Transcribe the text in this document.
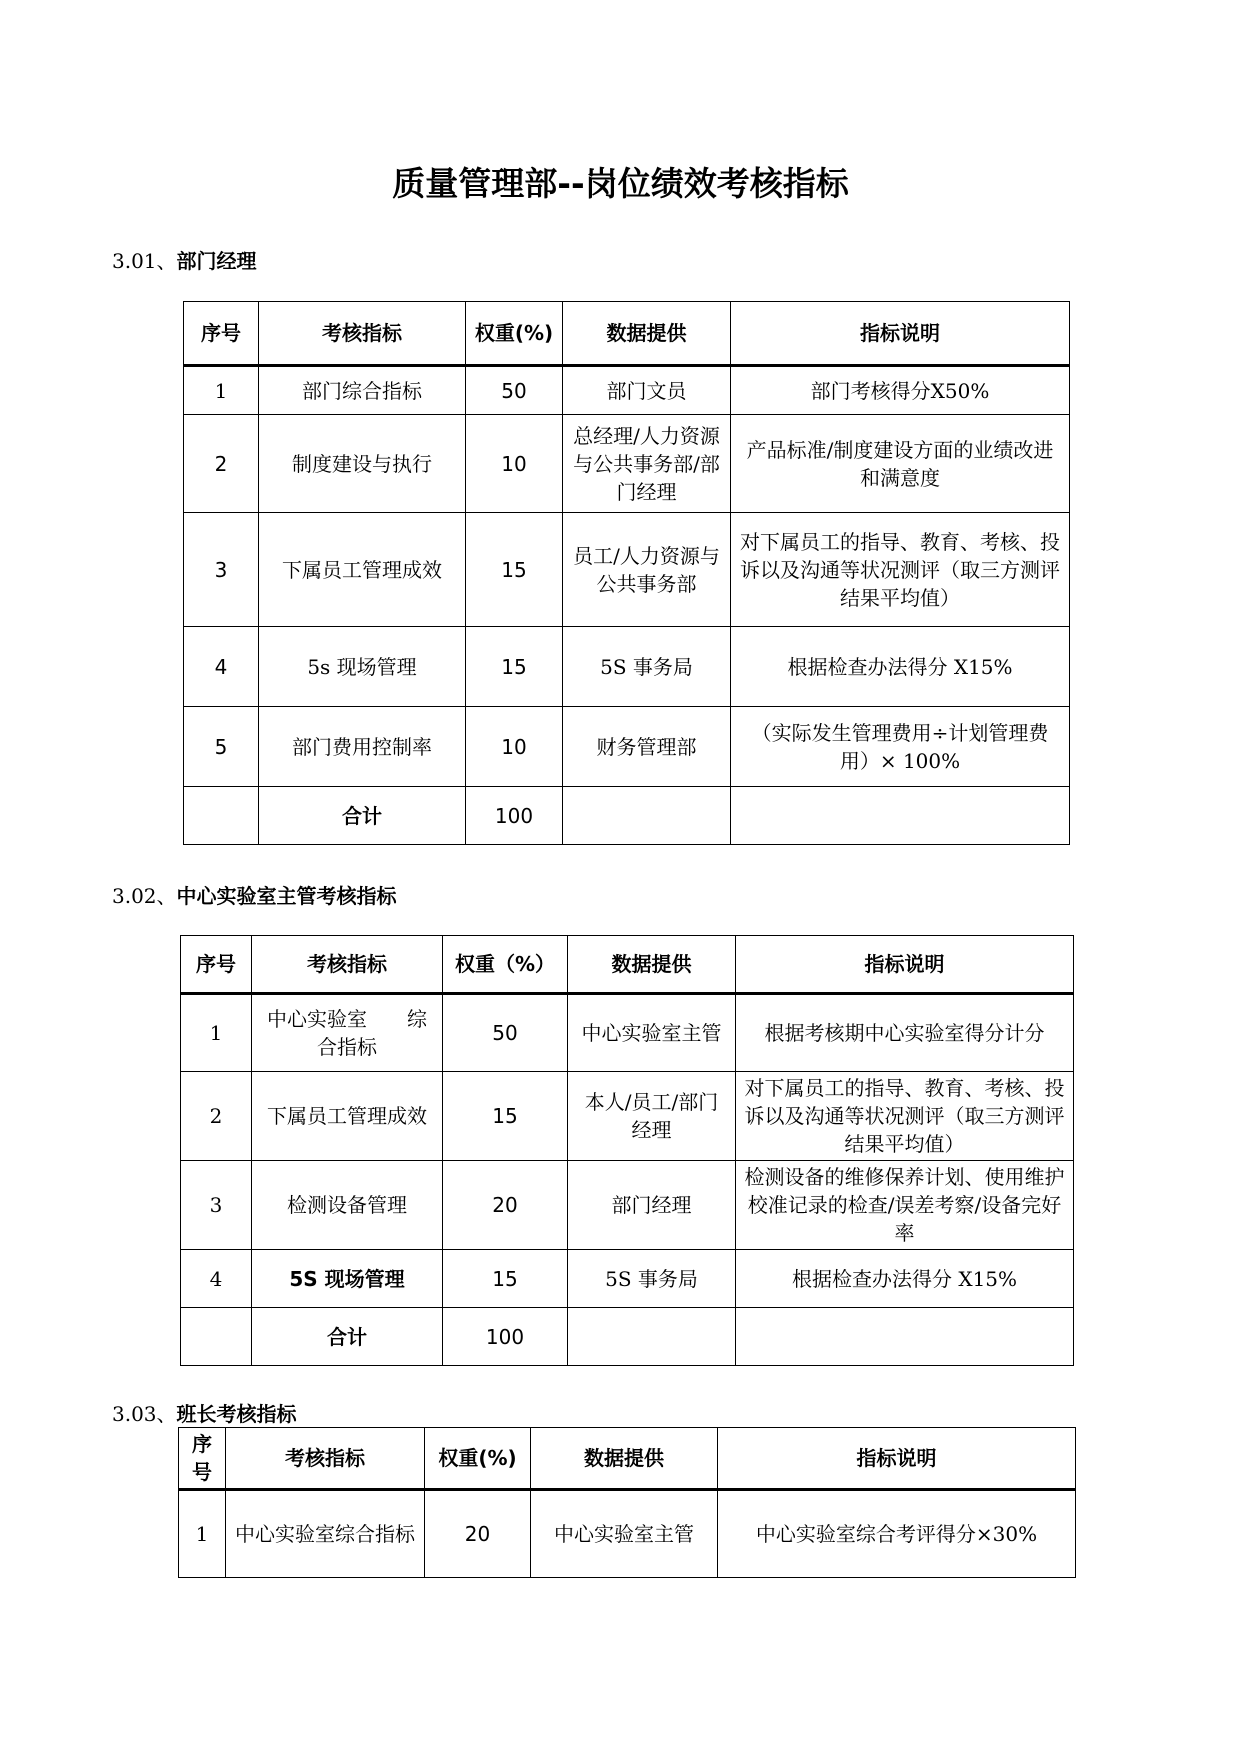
质量管理部--岗位绩效考核指标
3.01、部门经理
序号	考核指标	权重(%)	数据提供	指标说明
1	部门综合指标	50	部门文员	部门考核得分X50%
2	制度建设与执行	10	总经理/人力资源与公共事务部/部门经理	产品标准/制度建设方面的业绩改进和满意度
3	下属员工管理成效	15	员工/人力资源与公共事务部	对下属员工的指导、教育、考核、投诉以及沟通等状况测评（取三方测评结果平均值）
4	5s 现场管理	15	5S 事务局	根据检查办法得分 X15%
5	部门费用控制率	10	财务管理部	（实际发生管理费用÷计划管理费用）× 100%
	合计	100		
3.02、中心实验室主管考核指标
序号	考核指标	权重（%）	数据提供	指标说明
1	中心实验室　　综合指标	50	中心实验室主管	根据考核期中心实验室得分计分
2	下属员工管理成效	15	本人/员工/部门经理	对下属员工的指导、教育、考核、投诉以及沟通等状况测评（取三方测评结果平均值）
3	检测设备管理	20	部门经理	检测设备的维修保养计划、使用维护校准记录的检查/误差考察/设备完好率
4	5S 现场管理	15	5S 事务局	根据检查办法得分 X15%
	合计	100		
3.03、班长考核指标
序号	考核指标	权重(%)	数据提供	指标说明
1	中心实验室综合指标	20	中心实验室主管	中心实验室综合考评得分×30%
